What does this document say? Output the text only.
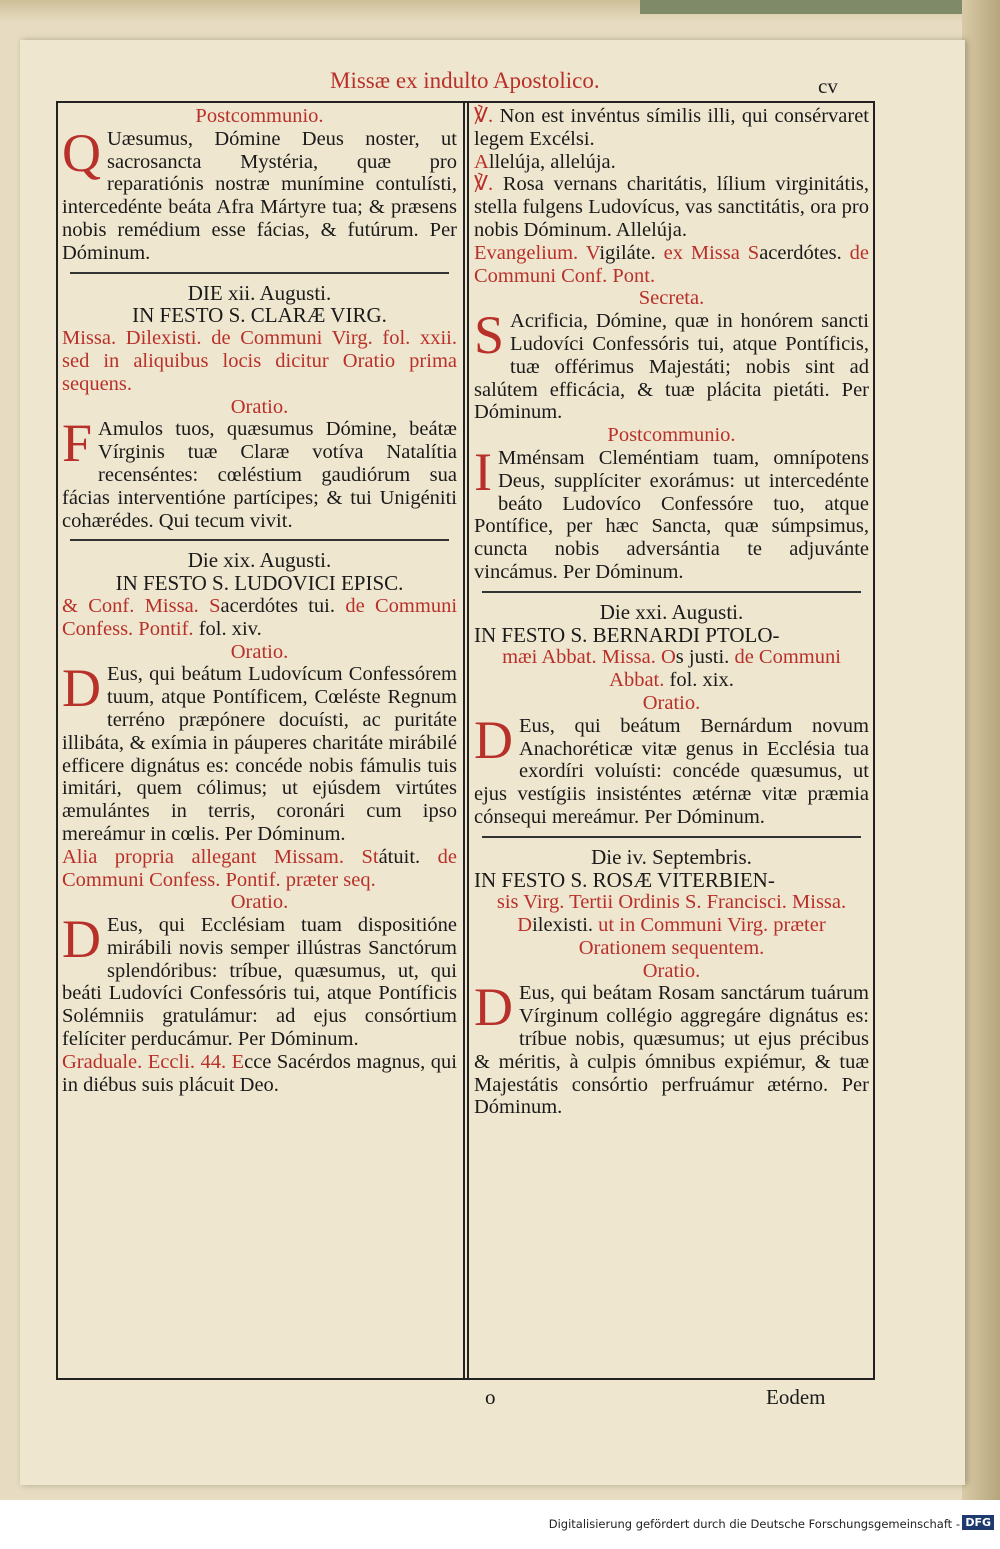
Missæ ex indulto Apostolico.	cv

Postcommunio.

Q Uæsumus, Dómine Deus noster, ut sacrosancta Mystéria, quæ pro reparatiónis nostræ munímine contulísti, intercedénte beáta Afra Mártyre tua; & præsens nobis remédium esse fácias, & futúrum. Per Dóminum.

DIE xii. Augusti.

IN FESTO S. CLARÆ VIRG.

Missa. Dilexisti. de Communi Virg. fol. xxii. sed in aliquibus locis dicitur Oratio prima sequens.

Oratio.

F Amulos tuos, quæsumus Dómine, beátæ Vírginis tuæ Claræ votíva Natalítia recenséntes: cœléstium gaudiórum sua fácias interventióne partícipes; & tui Unigéniti cohærédes. Qui tecum vivit.

Die xix. Augusti.

IN FESTO S. LUDOVICI EPISC.

& Conf. Missa. Sacerdótes tui. de Communi Confess. Pontif. fol. xiv.

Oratio.

D Eus, qui beátum Ludovícum Confessórem tuum, atque Pontíficem, Cœléste Regnum terréno præpónere docuísti, ac puritáte illibáta, & exímia in páuperes charitáte mirábilé efficere dignátus es: concéde nobis fámulis tuis imitári, quem cólimus; ut ejúsdem virtútes æmulántes in terris, coronári cum ipso mereámur in cœlis. Per Dóminum.

Alia propria allegant Missam. Státuit. de Communi Confess. Pontif. præter seq.

Oratio.

D Eus, qui Ecclésiam tuam dispositióne mirábili novis semper illústras Sanctórum splendóribus: tríbue, quæsumus, ut, qui beáti Ludovíci Confessóris tui, atque Pontíficis Solémniis gratulámur: ad ejus consórtium felíciter perducámur. Per Dóminum.

Graduale. Eccli. 44. Ecce Sacérdos magnus, qui in diébus suis plácuit Deo.

℣. Non est invéntus símilis illi, qui consérvaret legem Excélsi.

Allelúja, allelúja.

℣. Rosa vernans charitátis, lílium virginitátis, stella fulgens Ludovícus, vas sanctitátis, ora pro nobis Dóminum. Allelúja.

Evangelium. Vigiláte. ex Missa Sacerdótes. de Communi Conf. Pont.

Secreta.

S Acrificia, Dómine, quæ in honórem sancti Ludovíci Confessóris tui, atque Pontíficis, tuæ offérimus Majestáti; nobis sint ad salútem efficácia, & tuæ plácita pietáti. Per Dóminum.

Postcommunio.

I Mménsam Cleméntiam tuam, omnípotens Deus, supplíciter exorámus: ut intercedénte beáto Ludovíco Confessóre tuo, atque Pontífice, per hæc Sancta, quæ súmpsimus, cuncta nobis adversántia te adjuvánte vincámus. Per Dóminum.

Die xxi. Augusti.

IN FESTO S. BERNARDI PTOLO-

mæi Abbat. Missa. Os justi. de Communi Abbat. fol. xix.

Oratio.

D Eus, qui beátum Bernárdum novum Anachoréticæ vitæ genus in Ecclésia tua exordíri voluísti: concéde quæsumus, ut ejus vestígiis insisténtes ætérnæ vitæ præmia cónsequi mereámur. Per Dóminum.

Die iv. Septembris.

IN FESTO S. ROSÆ VITERBIEN-

sis Virg. Tertii Ordinis S. Francisci. Missa. Dilexisti. ut in Communi Virg. præter Orationem sequentem.

Oratio.

D Eus, qui beátam Rosam sanctárum tuárum Vírginum collégio aggregáre dignátus es: tríbue nobis, quæsumus; ut ejus précibus & méritis, à culpis ómnibus expiémur, & tuæ Majestátis consórtio perfruámur ætérno. Per Dóminum.

o	Eodem
Digitalisierung gefördert durch die Deutsche Forschungsgemeinschaft - DFG
